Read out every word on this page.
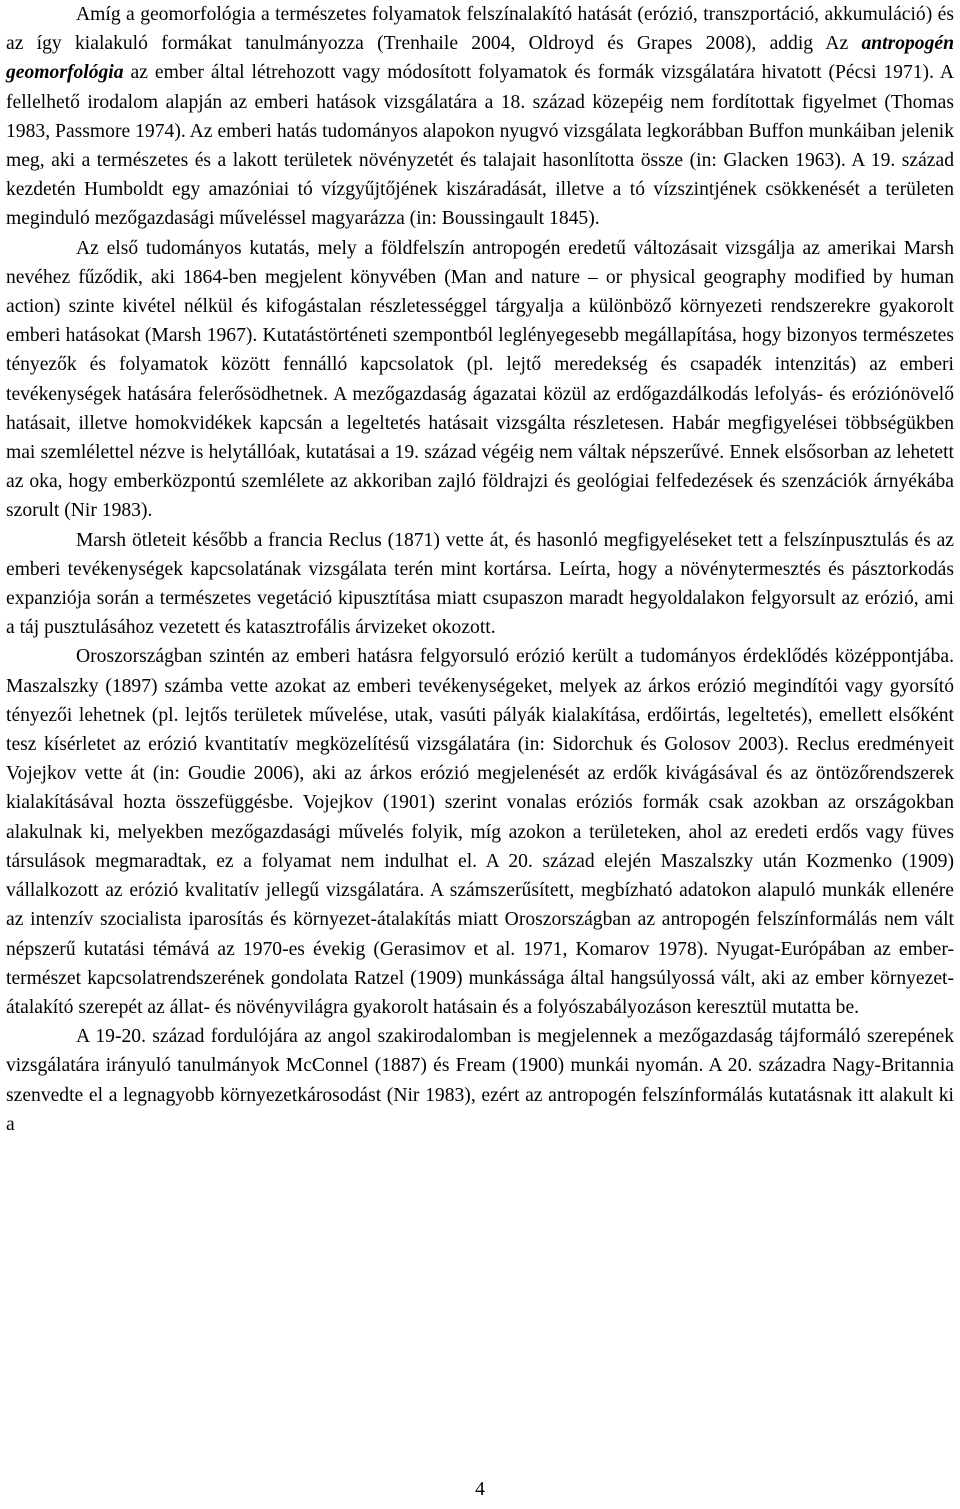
Amíg a geomorfológia a természetes folyamatok felszínalakító hatását (erózió, transzportáció, akkumuláció) és az így kialakuló formákat tanulmányozza (Trenhaile 2004, Oldroyd és Grapes 2008), addig Az antropogén geomorfológia az ember által létrehozott vagy módosított folyamatok és formák vizsgálatára hivatott (Pécsi 1971). A fellelhető irodalom alapján az emberi hatások vizsgálatára a 18. század közepéig nem fordítottak figyelmet (Thomas 1983, Passmore 1974). Az emberi hatás tudományos alapokon nyugvó vizsgálata legkorábban Buffon munkáiban jelenik meg, aki a természetes és a lakott területek növényzetét és talajait hasonlította össze (in: Glacken 1963). A 19. század kezdetén Humboldt egy amazóniai tó vízgyűjtőjének kiszáradását, illetve a tó vízszintjének csökkenését a területen meginduló mezőgazdasági műveléssel magyarázza (in: Boussingault 1845).

Az első tudományos kutatás, mely a földfelszín antropogén eredetű változásait vizsgálja az amerikai Marsh nevéhez fűződik, aki 1864-ben megjelent könyvében (Man and nature – or physical geography modified by human action) szinte kivétel nélkül és kifogástalan részletességgel tárgyalja a különböző környezeti rendszerekre gyakorolt emberi hatásokat (Marsh 1967). Kutatástörténeti szempontból leglényegesebb megállapítása, hogy bizonyos természetes tényezők és folyamatok között fennálló kapcsolatok (pl. lejtő meredekség és csapadék intenzitás) az emberi tevékenységek hatására felerősödhetnek. A mezőgazdaság ágazatai közül az erdőgazdálkodás lefolyás- és eróziónövelő hatásait, illetve homokvidékek kapcsán a legeltetés hatásait vizsgálta részletesen. Habár megfigyelései többségükben mai szemlélettel nézve is helytállóak, kutatásai a 19. század végéig nem váltak népszerűvé. Ennek elsősorban az lehetett az oka, hogy emberközpontú szemlélete az akkoriban zajló földrajzi és geológiai felfedezések és szenzációk árnyékába szorult (Nir 1983).

Marsh ötleteit később a francia Reclus (1871) vette át, és hasonló megfigyeléseket tett a felszínpusztulás és az emberi tevékenységek kapcsolatának vizsgálata terén mint kortársa. Leírta, hogy a növénytermesztés és pásztorkodás expanziója során a természetes vegetáció kipusztítása miatt csupaszon maradt hegyoldalakon felgyorsult az erózió, ami a táj pusztulásához vezetett és katasztrofális árvizeket okozott.

Oroszországban szintén az emberi hatásra felgyorsuló erózió került a tudományos érdeklődés középpontjába. Maszalszky (1897) számba vette azokat az emberi tevékenységeket, melyek az árkos erózió megindítói vagy gyorsító tényezői lehetnek (pl. lejtős területek művelése, utak, vasúti pályák kialakítása, erdőirtás, legeltetés), emellett elsőként tesz kísérletet az erózió kvantitatív megközelítésű vizsgálatára (in: Sidorchuk és Golosov 2003). Reclus eredményeit Vojejkov vette át (in: Goudie 2006), aki az árkos erózió megjelenését az erdők kivágásával és az öntözőrendszerek kialakításával hozta összefüggésbe. Vojejkov (1901) szerint vonalas eróziós formák csak azokban az országokban alakulnak ki, melyekben mezőgazdasági művelés folyik, míg azokon a területeken, ahol az eredeti erdős vagy füves társulások megmaradtak, ez a folyamat nem indulhat el. A 20. század elején Maszalszky után Kozmenko (1909) vállalkozott az erózió kvalitatív jellegű vizsgálatára. A számszerűsített, megbízható adatokon alapuló munkák ellenére az intenzív szocialista iparosítás és környezet-átalakítás miatt Oroszországban az antropogén felszínformálás nem vált népszerű kutatási témává az 1970-es évekig (Gerasimov et al. 1971, Komarov 1978). Nyugat-Európában az ember-természet kapcsolatrendszerének gondolata Ratzel (1909) munkássága által hangsúlyossá vált, aki az ember környezet-átalakító szerepét az állat- és növényvilágra gyakorolt hatásain és a folyószabályozáson keresztül mutatta be.

A 19-20. század fordulójára az angol szakirodalomban is megjelennek a mezőgazdaság tájformáló szerepének vizsgálatára irányuló tanulmányok McConnel (1887) és Fream (1900) munkái nyomán. A 20. századra Nagy-Britannia szenvedte el a legnagyobb környezetkárosodást (Nir 1983), ezért az antropogén felszínformálás kutatásnak itt alakult ki a

4
